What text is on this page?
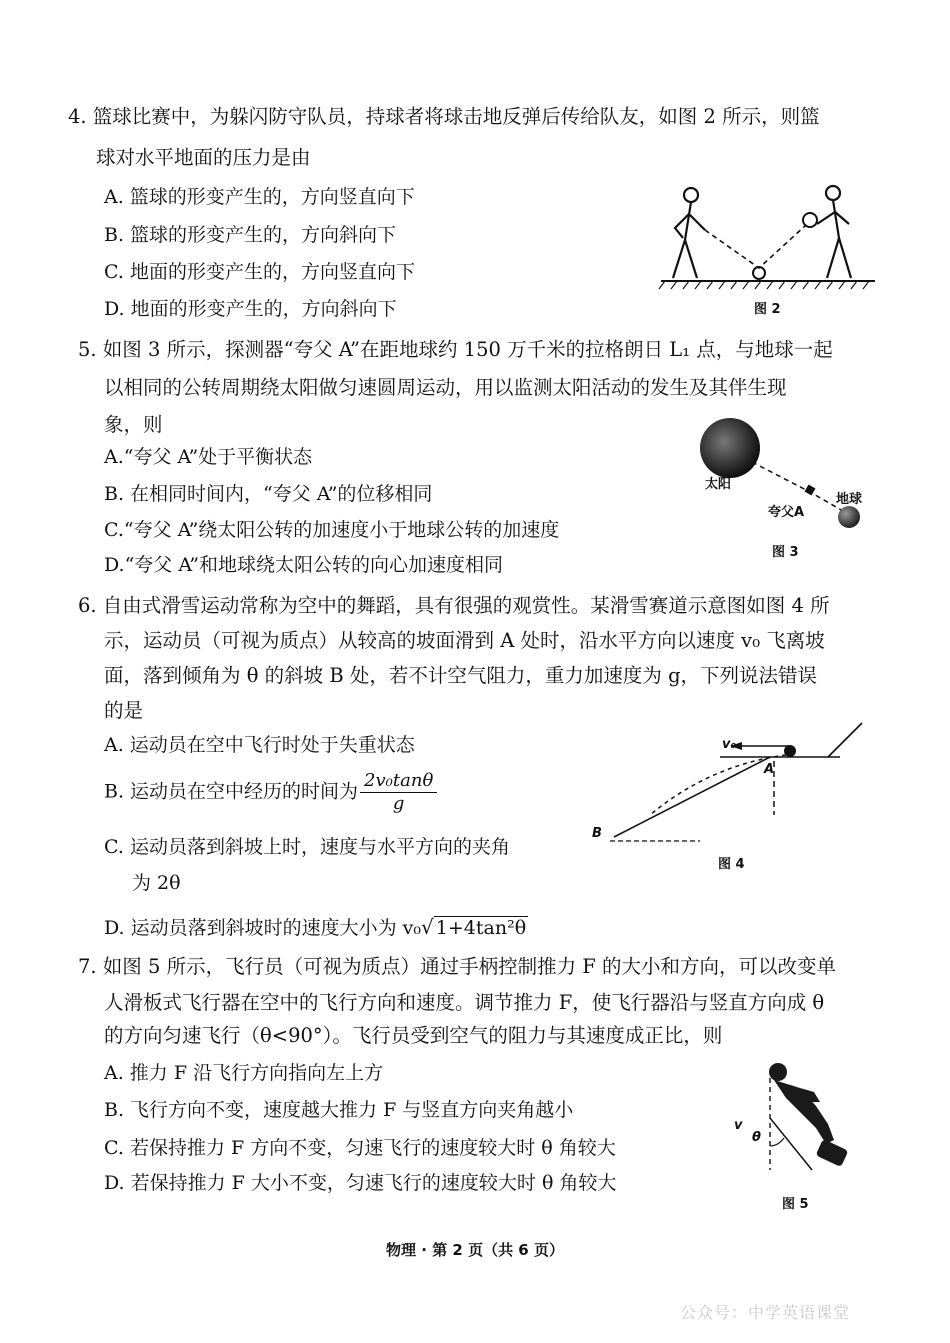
4. 篮球比赛中，为躲闪防守队员，持球者将球击地反弹后传给队友，如图 2 所示，则篮
球对水平地面的压力是由
A. 篮球的形变产生的，方向竖直向下
B. 篮球的形变产生的，方向斜向下
C. 地面的形变产生的，方向竖直向下
D. 地面的形变产生的，方向斜向下	图 2
5. 如图 3 所示，探测器“夸父 A”在距地球约 150 万千米的拉格朗日 L₁ 点，与地球一起
以相同的公转周期绕太阳做匀速圆周运动，用以监测太阳活动的发生及其伴生现
象，则
A.“夸父 A”处于平衡状态
B. 在相同时间内，“夸父 A”的位移相同
C.“夸父 A”绕太阳公转的加速度小于地球公转的加速度
D.“夸父 A”和地球绕太阳公转的向心加速度相同
太阳
夸父A
地球
图 3
6. 自由式滑雪运动常称为空中的舞蹈，具有很强的观赏性。某滑雪赛道示意图如图 4 所
示，运动员（可视为质点）从较高的坡面滑到 A 处时，沿水平方向以速度 v₀ 飞离坡
面，落到倾角为 θ 的斜坡 B 处，若不计空气阻力，重力加速度为 g，下列说法错误
的是
A. 运动员在空中飞行时处于失重状态
B. 运动员在空中经历的时间为 $\frac{\text{2v₀tanθ}}{g}$
C. 运动员落到斜坡上时，速度与水平方向的夹角
为 2θ
D. 运动员落到斜坡时的速度大小为 v₀√ 1+4tan²θ
v₀
A
B
图 4
7. 如图 5 所示，飞行员（可视为质点）通过手柄控制推力 F 的大小和方向，可以改变单
人滑板式飞行器在空中的飞行方向和速度。调节推力 F，使飞行器沿与竖直方向成 θ
的方向匀速飞行（θ<90°）。飞行员受到空气的阻力与其速度成正比，则
A. 推力 F 沿飞行方向指向左上方
B. 飞行方向不变，速度越大推力 F 与竖直方向夹角越小
C. 若保持推力 F 方向不变，匀速飞行的速度较大时 θ 角较大
D. 若保持推力 F 大小不变，匀速飞行的速度较大时 θ 角较大
v
θ
图 5
物理 · 第 2 页（共 6 页）
公众号：中学英语课堂
